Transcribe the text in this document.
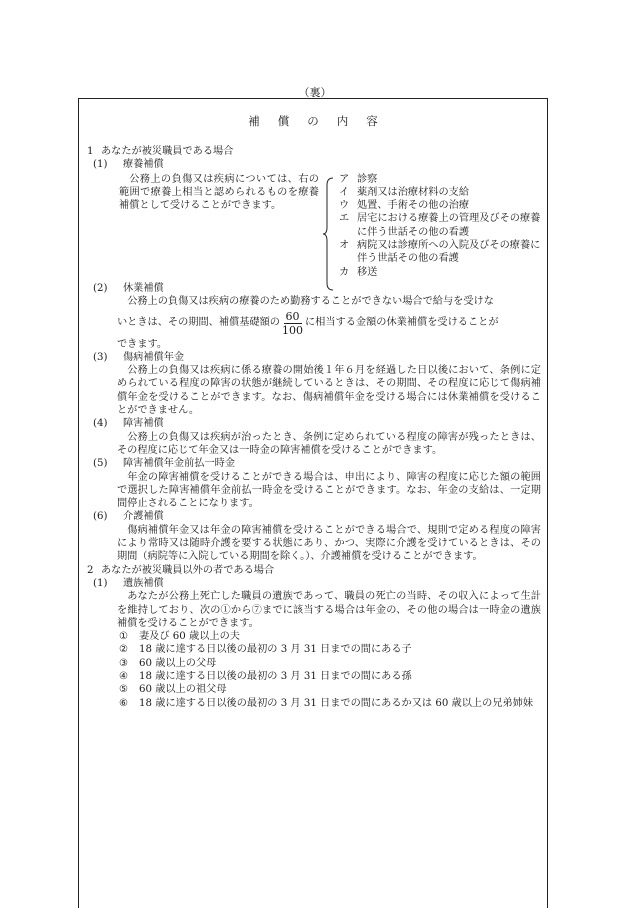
（裏）
補償の内容
1 あなたが被災職員である場合
(1) 療養補償
公務上の負傷又は疾病については、右の範囲で療養上相当と認められるものを療養補償として受けることができます。
ア 診察
イ 薬剤又は治療材料の支給
ウ 処置、手術その他の治療
エ 居宅における療養上の管理及びその療養に伴う世話その他の看護
オ 病院又は診療所への入院及びその療養に伴う世話その他の看護
カ 移送
(2) 休業補償
公務上の負傷又は疾病の療養のため勤務することができない場合で給与を受けな
いときは、その期間、補償基礎額の $\frac{60}{100}$ に相当する金額の休業補償を受けることが
できます。
(3) 傷病補償年金
公務上の負傷又は疾病に係る療養の開始後１年６月を経過した日以後において、条例に定められている程度の障害の状態が継続しているときは、その期間、その程度に応じて傷病補償年金を受けることができます。なお、傷病補償年金を受ける場合には休業補償を受けることができません。
(4) 障害補償
公務上の負傷又は疾病が治ったとき、条例に定められている程度の障害が残ったときは、その程度に応じて年金又は一時金の障害補償を受けることができます。
(5) 障害補償年金前払一時金
年金の障害補償を受けることができる場合は、申出により、障害の程度に応じた額の範囲で選択した障害補償年金前払一時金を受けることができます。なお、年金の支給は、一定期間停止されることになります。
(6) 介護補償
傷病補償年金又は年金の障害補償を受けることができる場合で、規則で定める程度の障害により常時又は随時介護を要する状態にあり、かつ、実際に介護を受けているときは、その期間（病院等に入院している期間を除く。）、介護補償を受けることができます。
2 あなたが被災職員以外の者である場合
(1) 遺族補償
あなたが公務上死亡した職員の遺族であって、職員の死亡の当時、その収入によって生計を維持しており、次の①から⑦までに該当する場合は年金の、その他の場合は一時金の遺族補償を受けることができます。
①	妻及び 60 歳以上の夫
②	18 歳に達する日以後の最初の 3 月 31 日までの間にある子
③	60 歳以上の父母
④	18 歳に達する日以後の最初の 3 月 31 日までの間にある孫
⑤	60 歳以上の祖父母
⑥	18 歳に達する日以後の最初の 3 月 31 日までの間にあるか又は 60 歳以上の兄弟姉妹
